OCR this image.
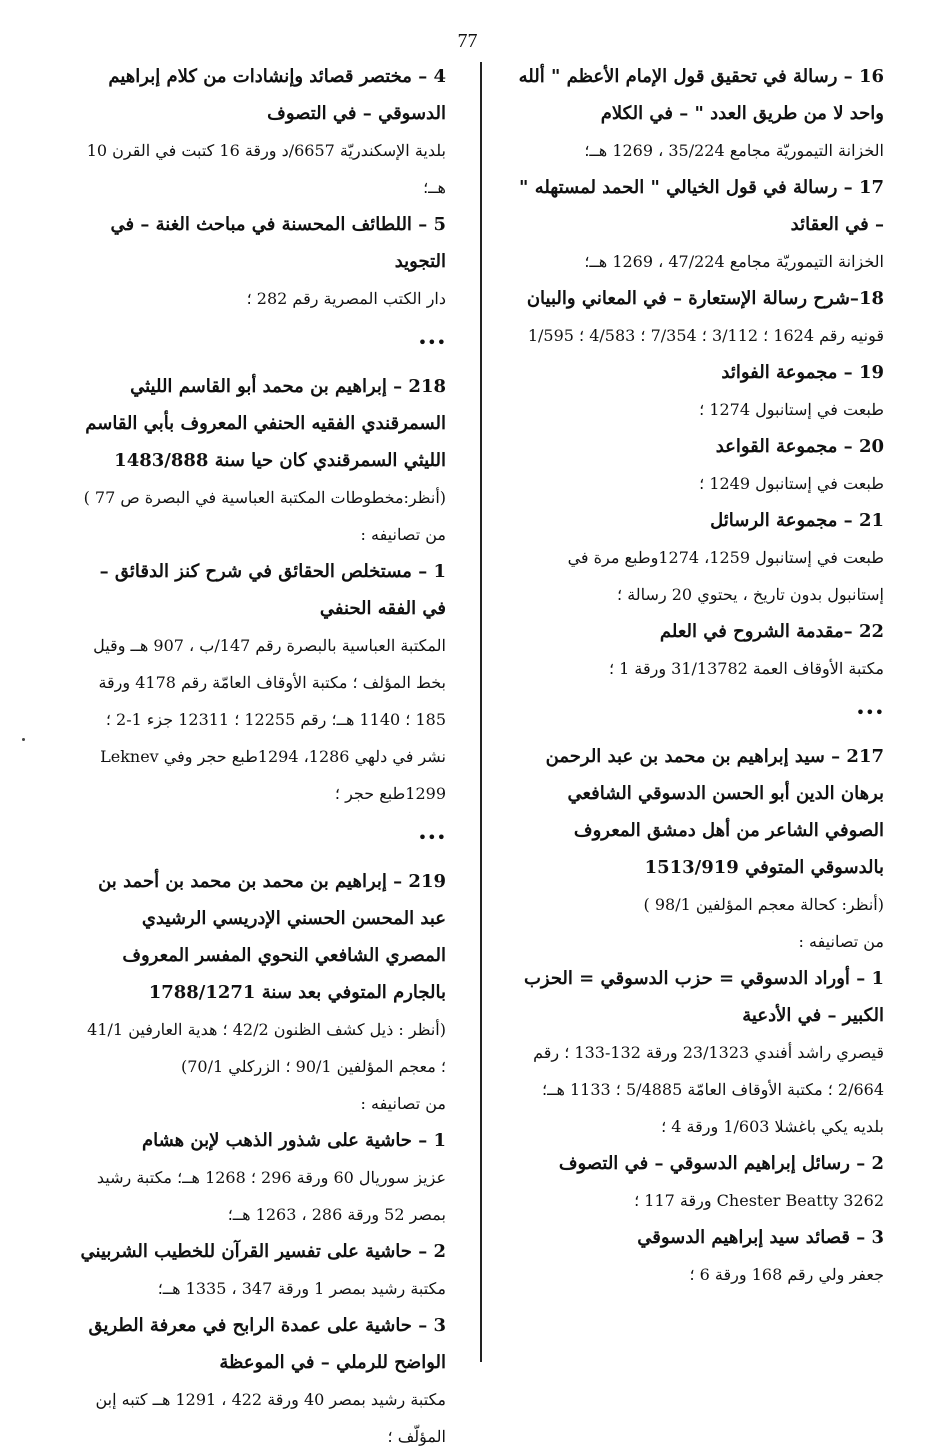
77

16 – رسالة في تحقيق قول الإمام الأعظم " ألله واحد لا من طريق العدد " – في الكلام

الخزانة التيموريّة مجامع 35/224 ، 1269 هــ؛

17 – رسالة في قول الخيالي " الحمد لمستهله " – في العقائد

الخزانة التيموريّة مجامع 47/224 ، 1269 هــ؛

18–شرح رسالة الإستعارة – في المعاني والبيان

قونيه رقم 1624 ؛ 3/112 ؛ 7/354 ؛ 4/583 ؛ 1/595

19 – مجموعة الفوائد

طبعت في إستانبول 1274 ؛

20 – مجموعة القواعد

طبعت في إستانبول 1249 ؛

21 – مجموعة الرسائل

طبعت في إستانبول 1259، 1274وطبع مرة في إستانبول بدون تاريخ ، يحتوي 20 رسالة ؛

22 –مقدمة الشروح في العلم

مكتبة الأوقاف العمة 31/13782 ورقة 1 ؛

•••

217 – سيد إبراهيم بن محمد بن عبد الرحمن برهان الدين أبو الحسن الدسوقي الشافعي الصوفي الشاعر من أهل دمشق المعروف بالدسوقي المتوفي 1513/919

(أنظر: كحالة معجم المؤلفين 98/1 )

من تصانيفه :

1 – أوراد الدسوقي = حزب الدسوقي = الحزب الكبير – في الأدعية

قيصري راشد أفندي 23/1323 ورقة 132-133 ؛ رقم 2/664 ؛ مكتبة الأوقاف العامّة 5/4885 ؛ 1133 هــ؛ بلديه يكي باغشلا 1/603 ورقة 4 ؛

2 – رسائل إبراهيم الدسوقي – في التصوف

Chester Beatty 3262 ورقة 117 ؛

3 – قصائد سيد إبراهيم الدسوقي

جعفر ولي رقم 168 ورقة 6 ؛

4 – مختصر قصائد وإنشادات من كلام إبراهيم الدسوقي – في التصوف

بلدية الإسكندريّة 6657/د ورقة 16 كتبت في القرن 10 هــ؛

5 – اللطائف المحسنة في مباحث الغنة – في التجويد

دار الكتب المصرية رقم 282 ؛

•••

218 – إبراهيم بن محمد أبو القاسم الليثي السمرقندي الفقيه الحنفي المعروف بأبي القاسم الليثي السمرقندي كان حيا سنة 1483/888

(أنظر:مخطوطات المكتبة العباسية في البصرة ص 77 )

من تصانيفه :

1 – مستخلص الحقائق في شرح كنز الدقائق – في الفقه الحنفي

المكتبة العباسية بالبصرة رقم 147/ب ، 907 هــ وقيل بخط المؤلف ؛ مكتبة الأوقاف العامّة رقم 4178 ورقة 185 ؛ 1140 هــ؛ رقم 12255 ؛ 12311 جزء 1-2 ؛ نشر في دلهي 1286، 1294طبع حجر وفي Leknev 1299طبع حجر ؛

•••

219 – إبراهيم بن محمد بن محمد بن أحمد بن عبد المحسن الحسني الإدريسي الرشيدي المصري الشافعي النحوي المفسر المعروف بالجارم المتوفي بعد سنة 1788/1271

(أنظر : ذيل كشف الظنون 42/2 ؛ هدية العارفين 41/1 ؛ معجم المؤلفين 90/1 ؛ الزركلي 70/1)

من تصانيفه :

1 – حاشية على شذور الذهب لإبن هشام

عزيز سوريال 60 ورقة 296 ؛ 1268 هــ؛ مكتبة رشيد بمصر 52 ورقة 286 ، 1263 هــ؛

2 – حاشية على تفسير القرآن للخطيب الشربيني

مكتبة رشيد بمصر 1 ورقة 347 ، 1335 هــ؛

3 – حاشية على عمدة الرابح في معرفة الطريق الواضح للرملي – في الموعظة

مكتبة رشيد بمصر 40 ورقة 422 ، 1291 هــ كتبه إبن المؤلّف ؛
